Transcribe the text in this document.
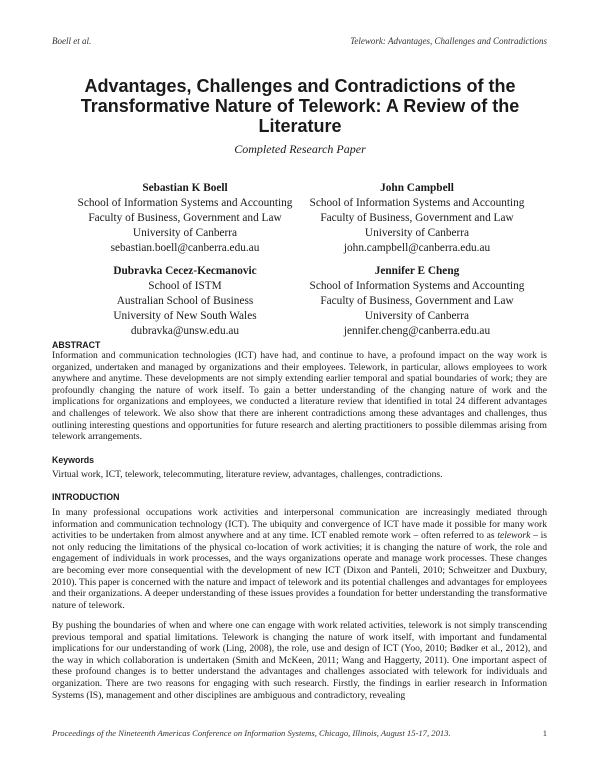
Boell et al.	Telework: Advantages, Challenges and Contradictions
Advantages, Challenges and Contradictions of the
Transformative Nature of Telework: A Review of the
Literature
Completed Research Paper
Sebastian K Boell
School of Information Systems and Accounting
Faculty of Business, Government and Law
University of Canberra
sebastian.boell@canberra.edu.au
John Campbell
School of Information Systems and Accounting
Faculty of Business, Government and Law
University of Canberra
john.campbell@canberra.edu.au
Dubravka Cecez-Kecmanovic
School of ISTM
Australian School of Business
University of New South Wales
dubravka@unsw.edu.au
Jennifer E Cheng
School of Information Systems and Accounting
Faculty of Business, Government and Law
University of Canberra
jennifer.cheng@canberra.edu.au
ABSTRACT

Information and communication technologies (ICT) have had, and continue to have, a profound impact on the way work is organized, undertaken and managed by organizations and their employees. Telework, in particular, allows employees to work anywhere and anytime. These developments are not simply extending earlier temporal and spatial boundaries of work; they are profoundly changing the nature of work itself. To gain a better understanding of the changing nature of work and the implications for organizations and employees, we conducted a literature review that identified in total 24 different advantages and challenges of telework. We also show that there are inherent contradictions among these advantages and challenges, thus outlining interesting questions and opportunities for future research and alerting practitioners to possible dilemmas arising from telework arrangements.

Keywords

Virtual work, ICT, telework, telecommuting, literature review, advantages, challenges, contradictions.

INTRODUCTION

In many professional occupations work activities and interpersonal communication are increasingly mediated through information and communication technology (ICT). The ubiquity and convergence of ICT have made it possible for many work activities to be undertaken from almost anywhere and at any time. ICT enabled remote work – often referred to as telework – is not only reducing the limitations of the physical co-location of work activities; it is changing the nature of work, the role and engagement of individuals in work processes, and the ways organizations operate and manage work processes. These changes are becoming ever more consequential with the development of new ICT (Dixon and Panteli, 2010; Schweitzer and Duxbury, 2010). This paper is concerned with the nature and impact of telework and its potential challenges and advantages for employees and their organizations. A deeper understanding of these issues provides a foundation for better understanding the transformative nature of telework.

By pushing the boundaries of when and where one can engage with work related activities, telework is not simply transcending previous temporal and spatial limitations. Telework is changing the nature of work itself, with important and fundamental implications for our understanding of work (Ling, 2008), the role, use and design of ICT (Yoo, 2010; Bødker et al., 2012), and the way in which collaboration is undertaken (Smith and McKeen, 2011; Wang and Haggerty, 2011). One important aspect of these profound changes is to better understand the advantages and challenges associated with telework for individuals and organization. There are two reasons for engaging with such research. Firstly, the findings in earlier research in Information Systems (IS), management and other disciplines are ambiguous and contradictory, revealing

Proceedings of the Nineteenth Americas Conference on Information Systems, Chicago, Illinois, August 15-17, 2013.	1
